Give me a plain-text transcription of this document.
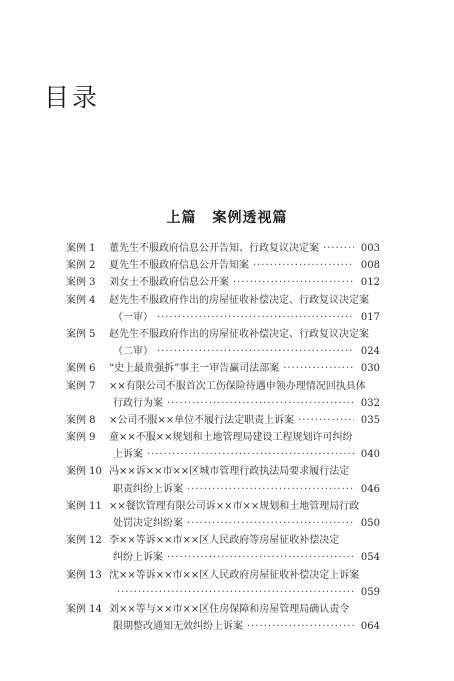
目录
上篇 案例透视篇
案例 1	董先生不服政府信息公开告知、行政复议决定案 ·····	003
案例 2	夏先生不服政府信息公开告知案 ·····	008
案例 3	刘女士不服政府信息公开案 ·····	012
案例 4	赵先生不服政府作出的房屋征收补偿决定、行政复议决定案
（一审） ·····	017
案例 5	赵先生不服政府作出的房屋征收补偿决定、行政复议决定案
（二审） ·····	024
案例 6	“史上最贵强拆”事主一审告赢司法部案 ·····	030
案例 7	××有限公司不服首次工伤保险待遇申领办理情况回执具体
行政行为案 ·····	032
案例 8	×公司不服××单位不履行法定职责上诉案 ·····	035
案例 9	童××不服××规划和土地管理局建设工程规划许可纠纷
上诉案 ·····	040
案例 10 冯××诉××市××区城市管理行政执法局要求履行法定
职责纠纷上诉案 ·····	046
案例 11 ××餐饮管理有限公司诉××市××规划和土地管理局行政
处罚决定纠纷案 ·····	050
案例 12 李××等诉××市××区人民政府等房屋征收补偿决定
纠纷上诉案 ·····	054
案例 13 沈××等诉××市××区人民政府房屋征收补偿决定上诉案
·····
059
案例 14 刘××等与××市××区住房保障和房屋管理局确认责令
限期整改通知无效纠纷上诉案 ·····	064
